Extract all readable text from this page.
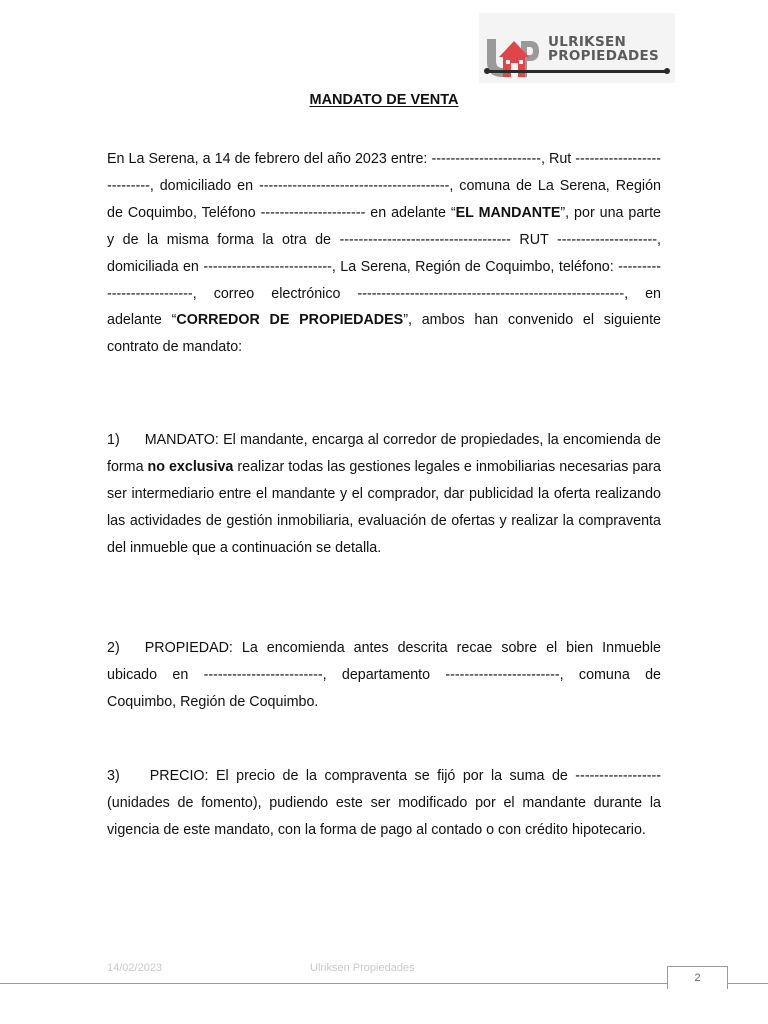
ULRIKSEN
PROPIEDADES
MANDATO DE VENTA

En La Serena, a 14 de febrero del año 2023 entre: -----------------------, Rut ---------------------------, domiciliado en ----------------------------------------, comuna de La Serena, Región de Coquimbo, Teléfono ---------------------- en adelante “EL MANDANTE”, por una parte y de la misma forma la otra de ------------------------------------ RUT ---------------------, domiciliada en ---------------------------, La Serena, Región de Coquimbo, teléfono: ---------------------------, correo electrónico --------------------------------------------------------, en adelante “CORREDOR DE PROPIEDADES”, ambos han convenido el siguiente contrato de mandato:

1) MANDATO: El mandante, encarga al corredor de propiedades, la encomienda de forma no exclusiva realizar todas las gestiones legales e inmobiliarias necesarias para ser intermediario entre el mandante y el comprador, dar publicidad la oferta realizando las actividades de gestión inmobiliaria, evaluación de ofertas y realizar la compraventa del inmueble que a continuación se detalla.

2) PROPIEDAD: La encomienda antes descrita recae sobre el bien Inmueble ubicado en -------------------------, departamento ------------------------, comuna de Coquimbo, Región de Coquimbo.

3) PRECIO: El precio de la compraventa se fijó por la suma de ------------------ (unidades de fomento), pudiendo este ser modificado por el mandante durante la vigencia de este mandato, con la forma de pago al contado o con crédito hipotecario.

14/02/2023	Ulriksen Propiedades
2
